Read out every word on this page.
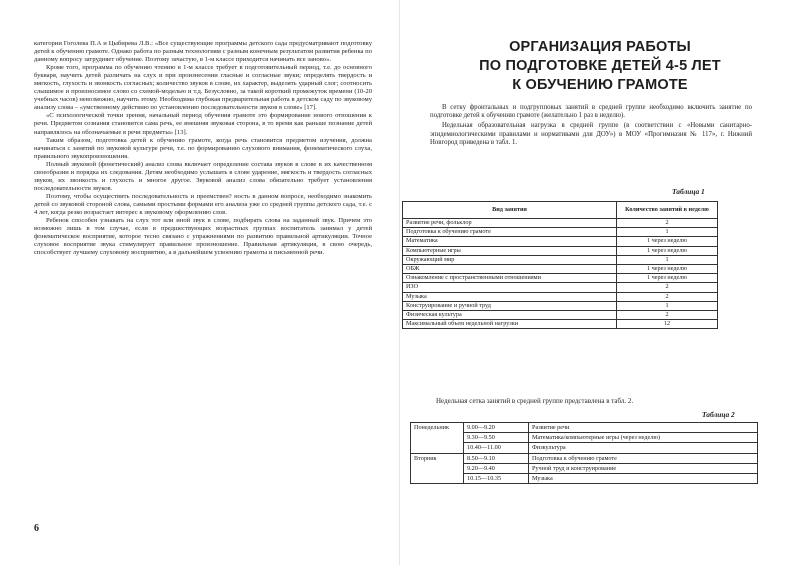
категории Гоголева П.А и Цыбирева Л.В.: «Все существующие программы детского сада предусматривают подготовку детей к обучению грамоте. Однако работа по разным технологиям с разным конечным результатом развития ребенка по данному вопросу затрудняет обучение. Поэтому зачастую, в 1-м классе приходится начинать все заново».

Кроме того, программа по обучению чтению в 1-м классе требует в подготовительный период, т.е. до основного букваря, научить детей различать на слух и при произнесении гласные и согласные звуки; определять твердость и мягкость, глухость и звонкость согласных; количество звуков в слове, их характер, выделять ударный слог; соотносить слышимое и произносимое слово со схемой-моделью и т.д. Безусловно, за такой короткий промежуток времени (10-20 учебных часов) невозможно, научить этому. Необходима глубокая предварительная работа в детском саду по звуковому анализу слова – «умственному действию по установлению последовательности звуков в слове» [17].

«С психологической точки зрения, начальный период обучения грамоте это формирование нового отношения к речи. Предметом сознания становится сама речь, ее внешняя звуковая сторона, в то время как раньше познание детей направлялось на обозначаемые в речи предметы» [13].

Таким образом, подготовка детей к обучению грамоте, когда речь становится предметом изучения, должна начинаться с занятий по звуковой культуре речи, т.е. по формированию слухового внимания, фонематического слуха, правильного звукопроизношения.

Полный звуковой (фонетический) анализ слова включает определение состава звуков в слове в их качественном своеобразии и порядка их следования. Детям необходимо услышать в слове ударение, мягкость и твердость согласных звуков, их звонкость и глухость и многое другое. Звуковой анализ слова обязательно требует установления последовательности звуков.

Поэтому, чтобы осуществить последовательность и преемствен? ность в данном вопросе, необходимо знакомить детей со звуковой стороной слова, самыми простыми формами его анализа уже со средней группы детского сада, т.е. с 4 лет, когда резко возрастает интерес к звуковому оформлению слов.

Ребенок способен узнавать на слух тот или иной звук в слове, подбирать слова на заданный звук. Причем это возможно лишь в том случае, если в предшествующих возрастных группах воспитатель занимал у детей фонематическое восприятие, которое тесно связано с упражнениями по развитию правильной артикуляции. Точное слуховое восприятие звука стимулирует правильное произношение. Правильная артикуляция, в свою очередь, способствует лучшему слуховому восприятию, а в дальнейшем усвоению грамоты и письменной речи.

6
ОРГАНИЗАЦИЯ РАБОТЫ
ПО ПОДГОТОВКЕ ДЕТЕЙ 4-5 ЛЕТ
К ОБУЧЕНИЮ ГРАМОТЕ

В сетку фронтальных и подгрупповых занятий в средней группе необходимо включить занятие по подготовке детей к обучению грамоте (желательно 1 раз в неделю).

Недельная образовательная нагрузка в средней группе (в соответствии с «Новыми санитарно-эпидемиологическими правилами и нормативами для ДОУ») в МОУ «Прогимназия № 117», г. Нижний Новгород приведена в табл. 1.

Таблица 1
Вид занятия	Количество занятий в неделю
Развитие речи, фольклор	2
Подготовка к обучению грамоте	1
Математика	1 через неделю
Компьютерные игры	1 через неделю
Окружающий мир	1
ОБЖ	1 через неделю
Ознакомление с пространственными отношениями	1 через неделю
ИЗО	2
Музыка	2
Конструирование и ручной труд	1
Физическая культура	2
Максимальный объем недельной нагрузки	12
Недельная сетка занятий в средней группе представлена в табл. 2.
Таблица 2
Понедельник	9.00—9.20	Развитие речи
	9.30—9.50	Математика/компьютерные игры (через неделю)
	10.40—11.00	Физкультура
Вторник	8.50—9.10	Подготовка к обучению грамоте
	9.20—9.40	Ручной труд и конструирование
	10.15—10.35	Музыка
